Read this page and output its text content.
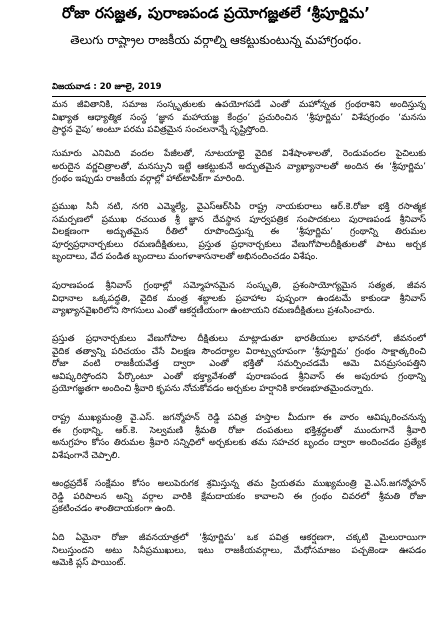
రోజా రసజ్ఞత, పురాణపండ ప్రయోగజ్ఞతలే ‘శ్రీపూర్ణిమ’
తెలుగు రాష్ట్రాల రాజకీయ వర్గాల్ని ఆకట్టుకుంటున్న మహాగ్రంథం.
విజయవాడ : 20 జూలై, 2019
మన జీవితానికి, సమాజ సంస్కృతులకు ఉపయోగపడే ఎంతో మహోన్నత గ్రంథరాశిని అందిస్తున్న
విఖ్యాత ఆధ్యాత్మిక సంస్థ ‘జ్ఞాన మహాయజ్ఞ కేంద్రం’ ప్రచురించిన ‘శ్రీపూర్ణిమ’ విశేషగ్రంథం ‘మనసు
ప్రార్థన వైపు’ అంటూ పరమ పవిత్రమైన సంచలనాన్నే సృష్టిస్తోంది.
సుమారు ఎనిమిది వందల పేజీలతో, నూటయాభై వైదిక విశేషాంశాలతో, రెండువందల పైచిలుకు
అరుదైన వర్ణచిత్రాలతో, మనస్సుని ఇట్టే ఆకట్టుకునే అద్భుతమైన వ్యాఖ్యానాలతో అందిన ఈ ‘శ్రీపూర్ణిమ’
గ్రంథం ఇప్పుడు రాజకీయ వర్గాల్లో హాట్‌టాపిక్‌గా మారింది.
ప్రముఖ సినీ నటి, నగరి ఎమ్మెల్యే, వైఎస్‌ఆర్‌సిపి రాష్ట్ర నాయకురాలు ఆర్.కె.రోజా భక్తి రసాత్మక
సమర్పణలో ప్రముఖ రచయిత శ్రీ జ్ఞాన దేవస్థాన పూర్వపత్రిక సంపాదకులు పురాణపండ శ్రీనివాస్
విలక్షణంగా అద్భుతమైన రీతిలో రూపొందిస్తున్న ఈ ‘శ్రీపూర్ణిమ’ గ్రంథాన్ని తిరుమల
పూర్వప్రధానార్చకులు రమణదీక్షితులు, ప్రస్తుత ప్రధానార్చకులు వేణుగోపాలదీక్షితులతో పాటు అర్చక
బృందాలు, వేద పండిత బృందాలు మంగళాశాసనాలతో అభినందించడం విశేషం.
పురాణపండ శ్రీనివాస్ గ్రంథాల్లో సమ్మోహనమైన సంస్కృతి, ప్రశంసాయోగ్యమైన సత్యత, జీవన
విధానాల ఒక్కపద్ధతి, వైదిక మంత్ర శబ్దాలకు ప్రవాహాల పుష్పంగా ఉండటమే కాకుండా శ్రీనివాస్
వ్యాఖ్యానవైఖరిలోని సొగసులు ఎంతో ఆకర్షణీయంగా ఉంటాయని రమణదీక్షితులు ప్రశంసించారు.
ప్రస్తుత ప్రధానార్చకులు వేణుగోపాల దీక్షితులు మాట్లాడుతూ భారతీయుల భావనలో, జీవనంలో
వైదిక తత్వాన్ని పరిచయం చేసే విలక్షణ సౌందర్యాల విరాట్స్వరూపంగా ‘శ్రీపూర్ణిమ’ గ్రంథం సాక్షాత్కరించి
రోజా వంటి రాజకీయవేత్త ద్వారా ఎంతో భక్తితో సమర్పించడమే ఆమె వినమ్రసంపత్తిని
ఆవిష్కరిస్తోందని పేర్కొంటూ ఎంతో భక్త్యావేశంతో పురాణపండ శ్రీనివాస్ ఈ అపురూప గ్రంథాన్ని
ప్రయోగజ్ఞతగా అందించి శ్రీవారి కృపను నోచుకోవడం అర్చకుల హర్షానికి కారణభూతమైందన్నారు.
రాష్ట్ర ముఖ్యమంత్రి వై.ఎస్. జగన్మోహన్ రెడ్డి పవిత్ర హస్తాల మీదుగా ఈ వారం ఆవిష్కరించనున్న
ఈ గ్రంథాన్ని, ఆర్.కె. సెల్వమణి శ్రీమతి రోజా దంపతులు భక్తిశ్రద్ధలతో ముందుగానే శ్రీవారి
అనుగ్రహం కోసం తిరుమల శ్రీవారి సన్నిధిలో అర్చకులకు తమ సహచర బృందం ద్వారా అందించడం ప్రత్యేక
విశేషంగానే చెప్పాలి.
ఆంధ్రప్రదేశ్ సంక్షేమం కోసం అలుపెరుగక శ్రమిస్తున్న తమ ప్రియతమ ముఖ్యమంత్రి వై.ఎస్.జగన్మోహన్
రెడ్డి పరిపాలన అన్ని వర్గాల వారికి క్షేమదాయకం కావాలని ఈ గ్రంథం చివరలో శ్రీమతి రోజా
ప్రకటించడం శాంతిదాయకంగా ఉంది.
ఏది ఏమైనా రోజా జీవనయాత్రలో ‘శ్రీపూర్ణిమ’ ఒక పవిత్ర ఆకర్షణగా, చక్కటి మైలురాయిగా
నిలుస్తుందని అటు సినీప్రముఖులు, ఇటు రాజకీయవర్గాలు, మేధోసమాజం పచ్చజెండా ఊపడం
ఆమెకి ప్లస్ పాయింట్.
